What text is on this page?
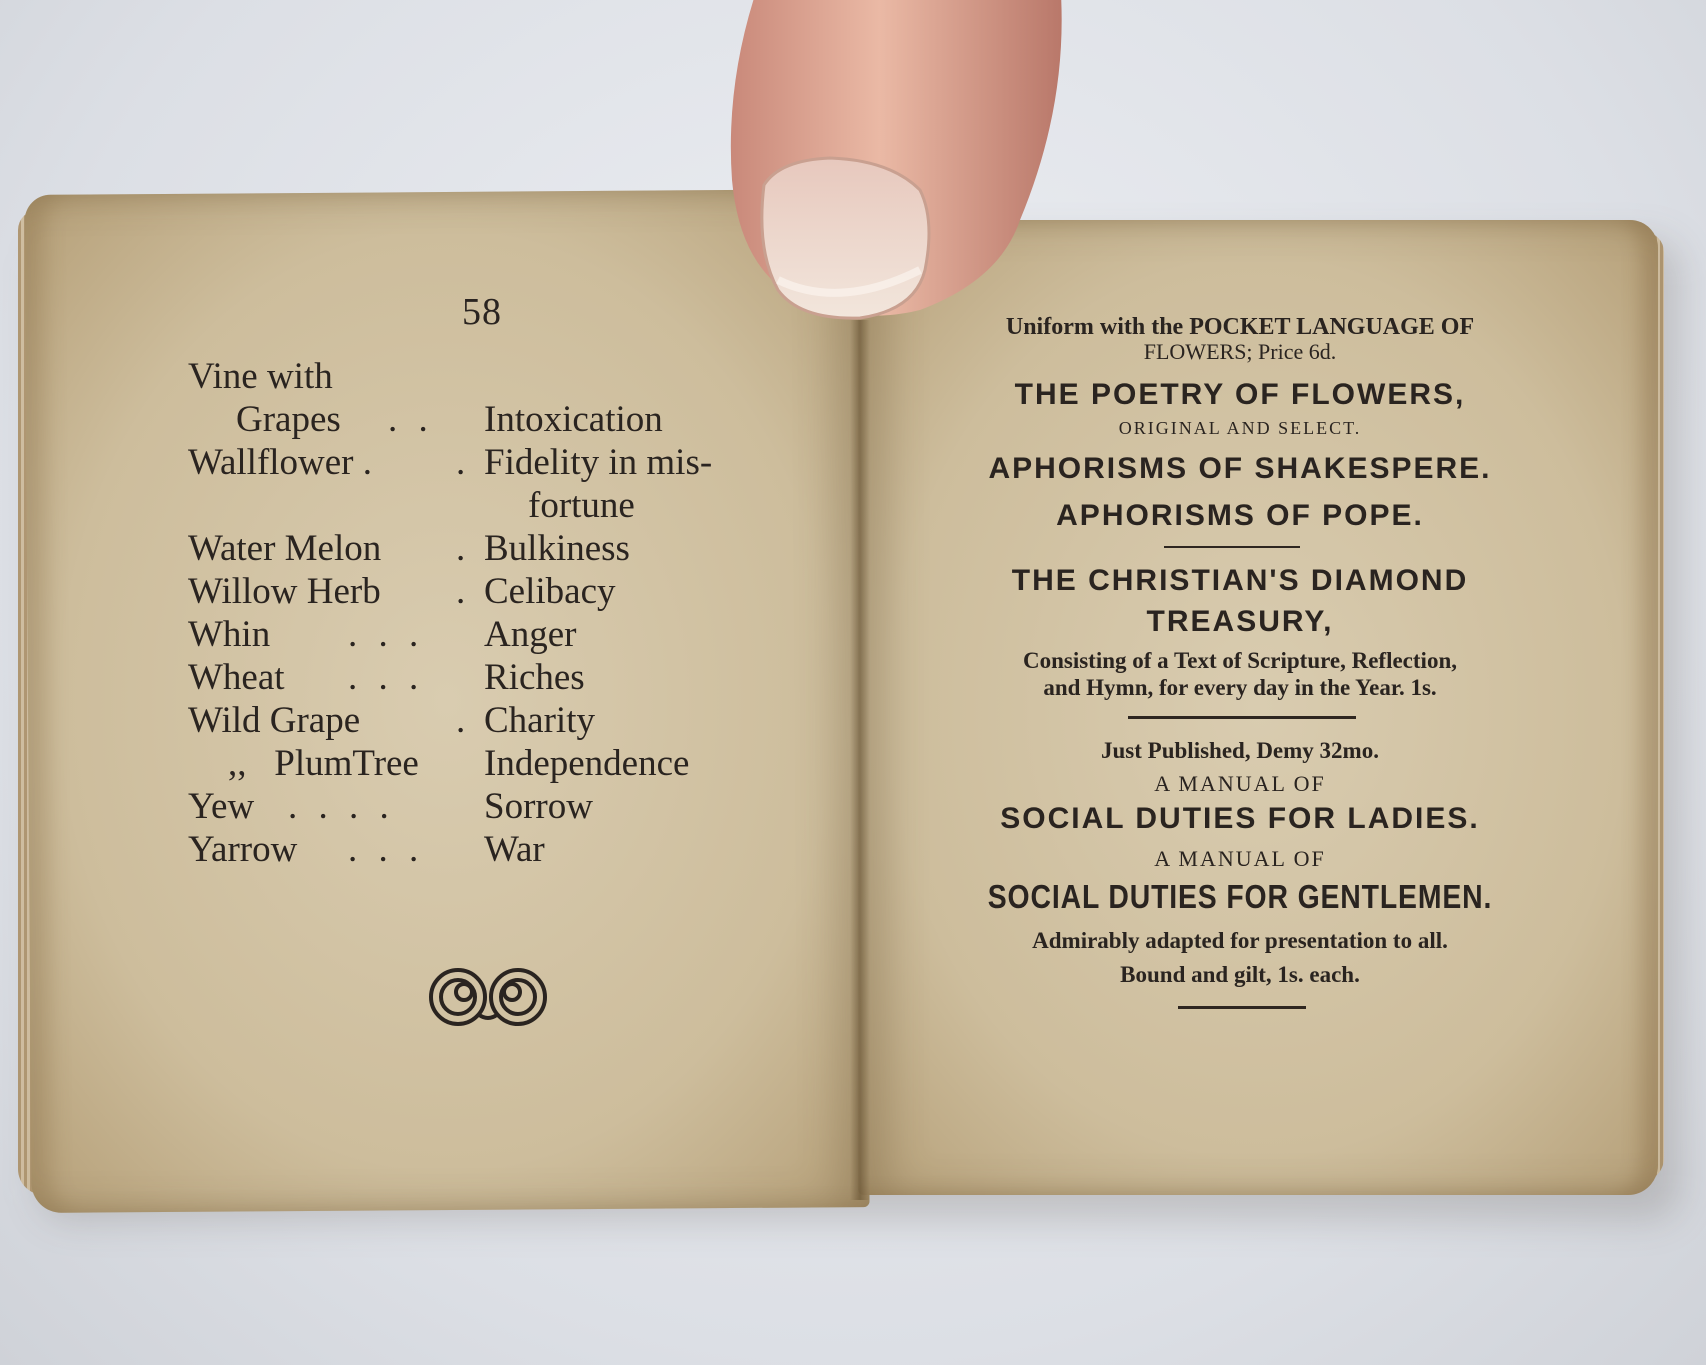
58
Vine with
Grapes . . Intoxication
Wallflower . . Fidelity in mis-
fortune
Water Melon . Bulkiness
Willow Herb . Celibacy
Whin . . . Anger
Wheat . . . Riches
Wild Grape	. Charity
,,   PlumTree Independence
Yew . . . . Sorrow
Yarrow . . . War
Uniform with the POCKET LANGUAGE OF
FLOWERS; Price 6d.
THE POETRY OF FLOWERS,
ORIGINAL AND SELECT.
APHORISMS OF SHAKESPERE.
APHORISMS OF POPE.
THE CHRISTIAN'S DIAMOND
TREASURY,
Consisting of a Text of Scripture, Reflection,
and Hymn, for every day in the Year. 1s.
Just Published, Demy 32mo.
A MANUAL OF
SOCIAL DUTIES FOR LADIES.
A MANUAL OF
SOCIAL DUTIES FOR GENTLEMEN.
Admirably adapted for presentation to all.
Bound and gilt, 1s. each.
